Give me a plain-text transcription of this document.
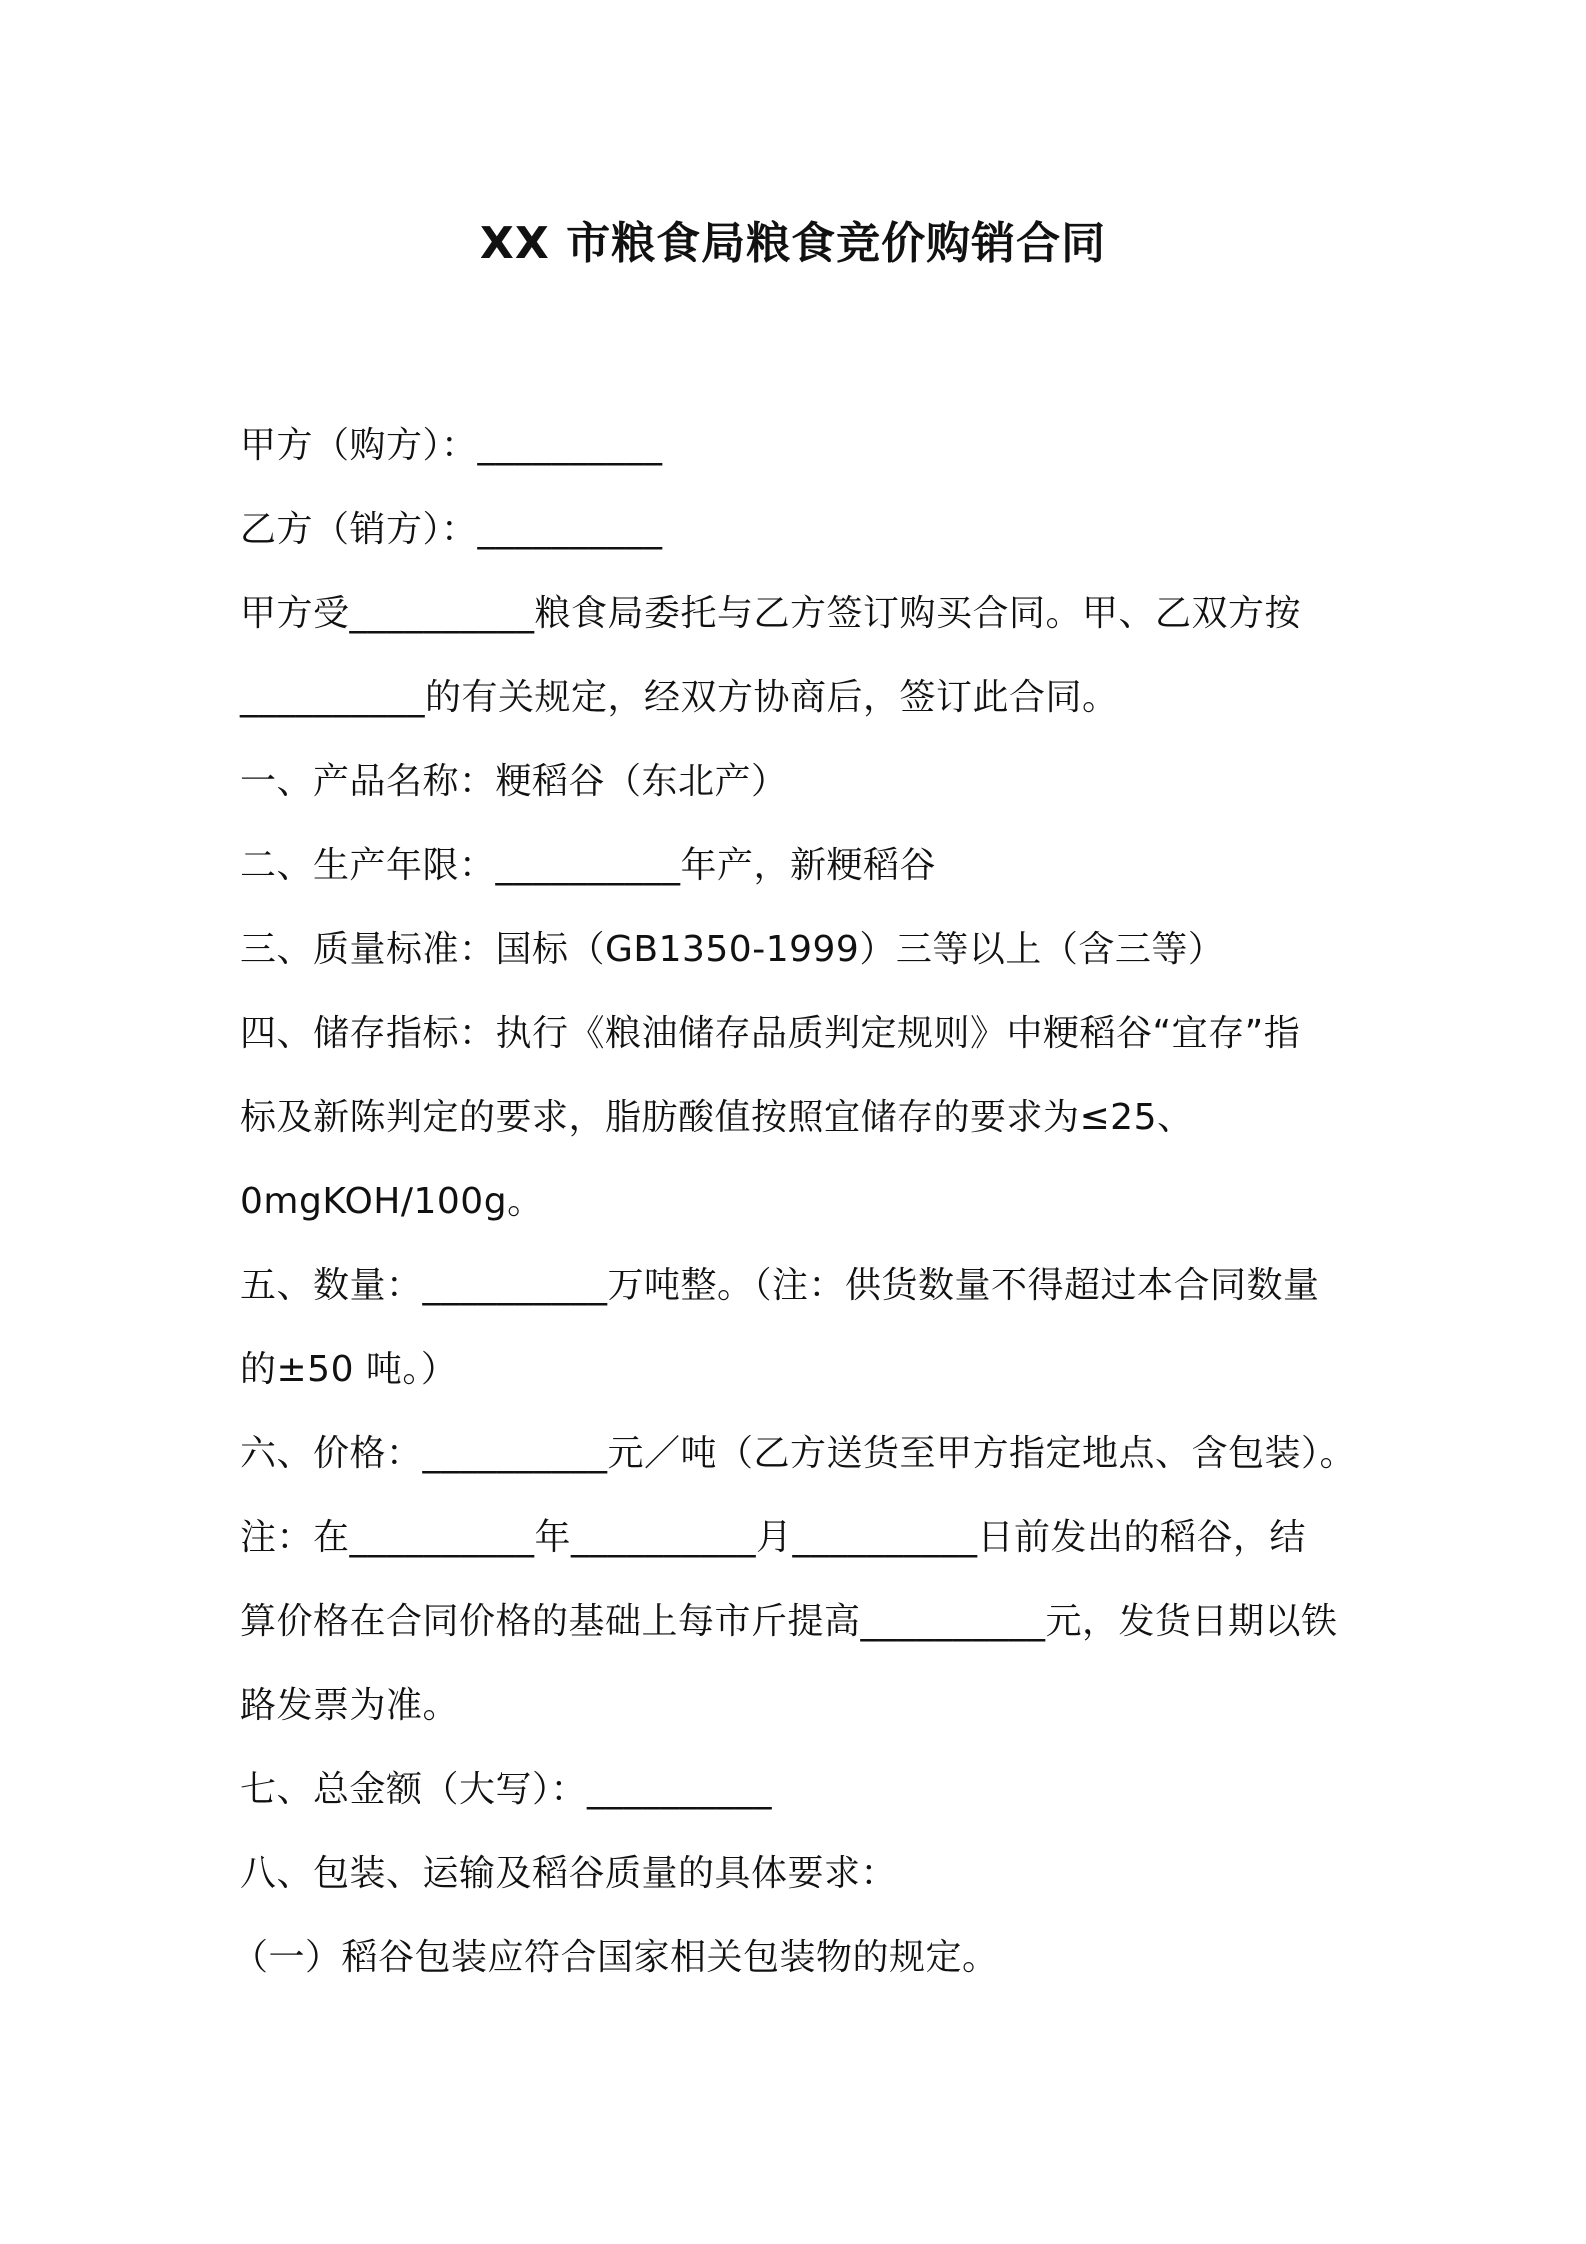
XX 市粮食局粮食竞价购销合同
甲方（购方）：__________
乙方（销方）：__________
甲方受__________粮食局委托与乙方签订购买合同。甲、乙双方按
__________的有关规定，经双方协商后，签订此合同。
一、产品名称：粳稻谷（东北产）
二、生产年限：__________年产，新粳稻谷
三、质量标准：国标（GB1350-1999）三等以上（含三等）
四、储存指标：执行《粮油储存品质判定规则》中粳稻谷“宜存”指
标及新陈判定的要求，脂肪酸值按照宜储存的要求为≤25、
0mgKOH/100g。
五、数量：__________万吨整。（注：供货数量不得超过本合同数量
的±50 吨。）
六、价格：__________元／吨（乙方送货至甲方指定地点、含包装）。
注：在__________年__________月__________日前发出的稻谷，结
算价格在合同价格的基础上每市斤提高__________元，发货日期以铁
路发票为准。
七、总金额（大写）：__________
八、包装、运输及稻谷质量的具体要求：
（一）稻谷包装应符合国家相关包装物的规定。
